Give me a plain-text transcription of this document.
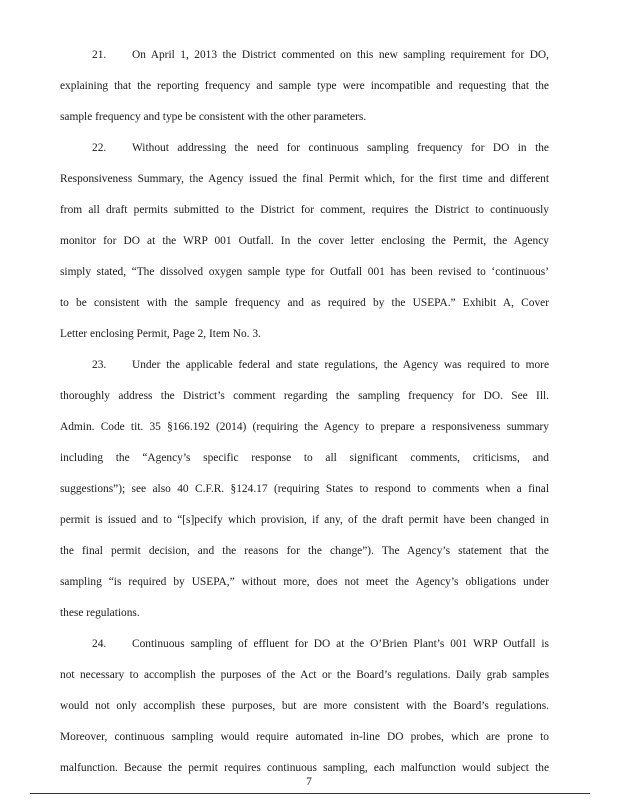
21. On April 1, 2013 the District commented on this new sampling requirement for DO,
explaining that the reporting frequency and sample type were incompatible and requesting that the
sample frequency and type be consistent with the other parameters.
22. Without addressing the need for continuous sampling frequency for DO in the
Responsiveness Summary, the Agency issued the final Permit which, for the first time and different
from all draft permits submitted to the District for comment, requires the District to continuously
monitor for DO at the WRP 001 Outfall. In the cover letter enclosing the Permit, the Agency
simply stated, “The dissolved oxygen sample type for Outfall 001 has been revised to ‘continuous’
to be consistent with the sample frequency and as required by the USEPA.” Exhibit A, Cover
Letter enclosing Permit, Page 2, Item No. 3.
23. Under the applicable federal and state regulations, the Agency was required to more
thoroughly address the District’s comment regarding the sampling frequency for DO. See Ill.
Admin. Code tit. 35 §166.192 (2014) (requiring the Agency to prepare a responsiveness summary
including the “Agency’s specific response to all significant comments, criticisms, and
suggestions”); see also 40 C.F.R. §124.17 (requiring States to respond to comments when a final
permit is issued and to “[s]pecify which provision, if any, of the draft permit have been changed in
the final permit decision, and the reasons for the change”). The Agency’s statement that the
sampling “is required by USEPA,” without more, does not meet the Agency’s obligations under
these regulations.
24. Continuous sampling of effluent for DO at the O’Brien Plant’s 001 WRP Outfall is
not necessary to accomplish the purposes of the Act or the Board’s regulations. Daily grab samples
would not only accomplish these purposes, but are more consistent with the Board’s regulations.
Moreover, continuous sampling would require automated in-line DO probes, which are prone to
malfunction. Because the permit requires continuous sampling, each malfunction would subject the
7
